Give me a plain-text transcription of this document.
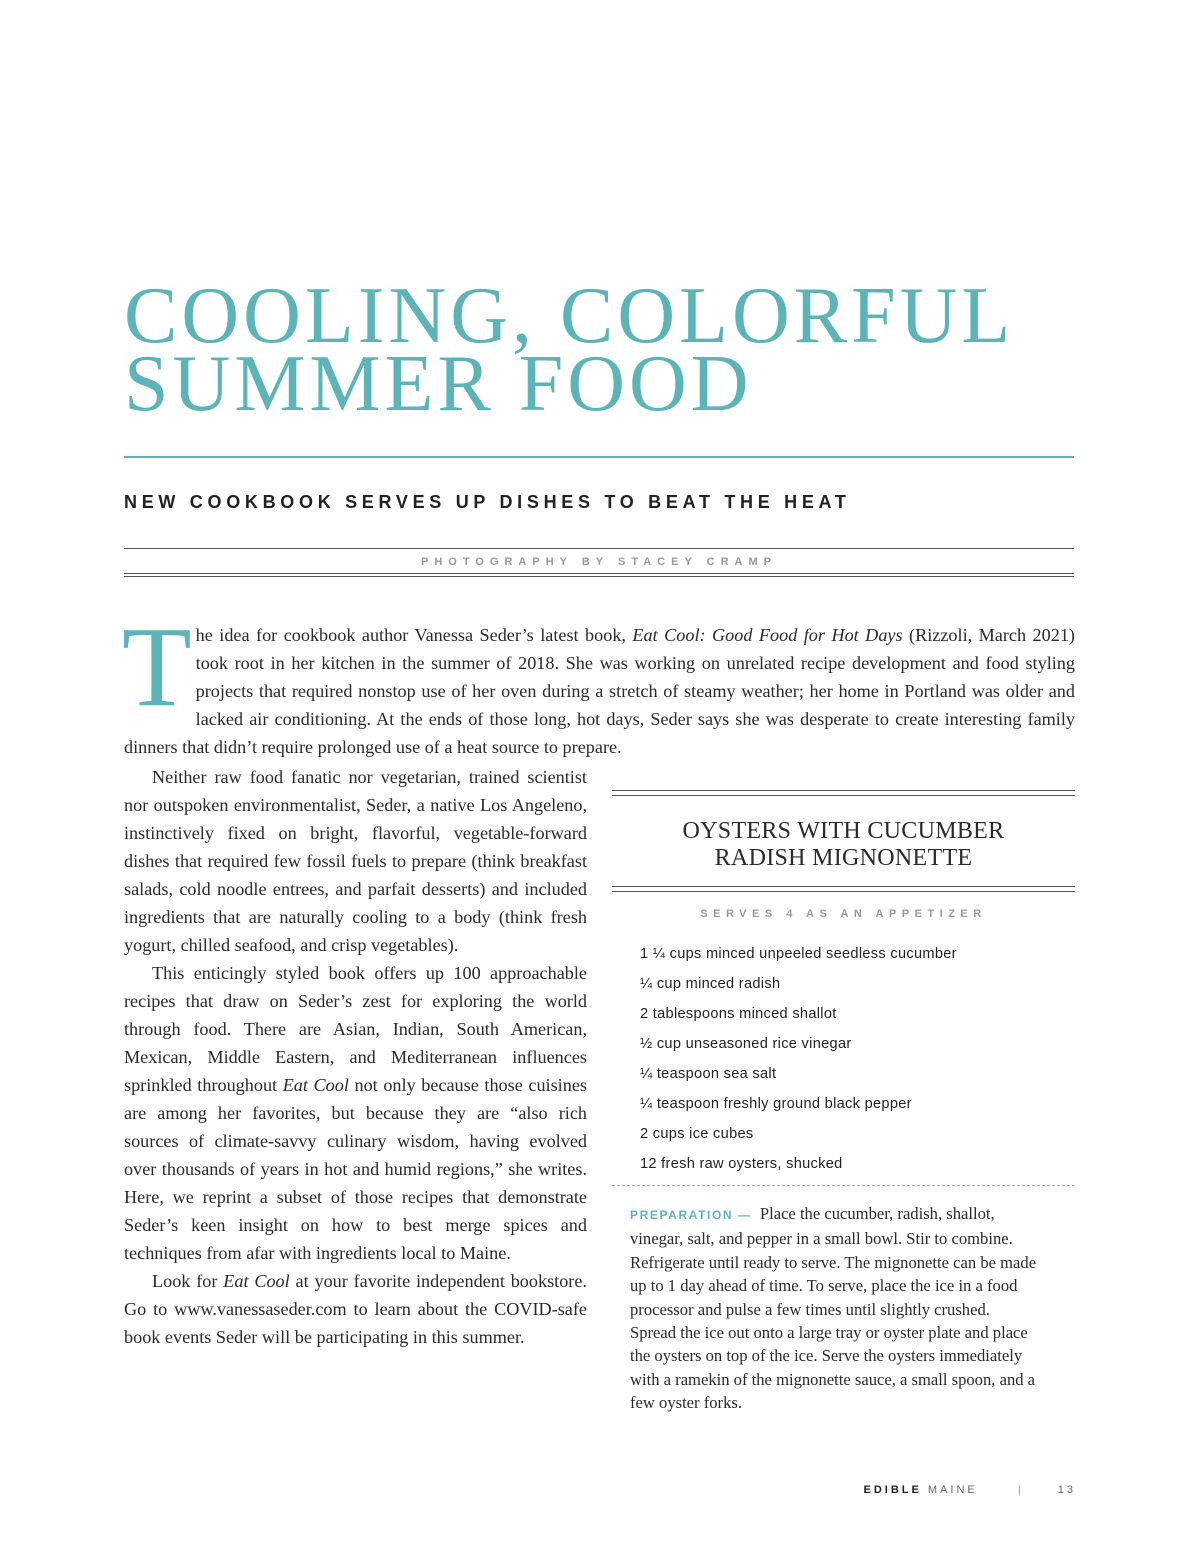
COOLING, COLORFUL
SUMMER FOOD
NEW COOKBOOK SERVES UP DISHES TO BEAT THE HEAT
PHOTOGRAPHY BY STACEY CRAMP

The idea for cookbook author Vanessa Seder’s latest book, Eat Cool: Good Food for Hot Days (Rizzoli, March 2021) took root in her kitchen in the summer of 2018. She was working on unrelated recipe development and food styling projects that required nonstop use of her oven during a stretch of steamy weather; her home in Portland was older and lacked air conditioning. At the ends of those long, hot days, Seder says she was desperate to create interesting family dinners that didn’t require prolonged use of a heat source to prepare.

Neither raw food fanatic nor vegetarian, trained scientist nor outspoken environmentalist, Seder, a native Los Angeleno, instinctively fixed on bright, flavorful, vegetable-forward dishes that required few fossil fuels to prepare (think breakfast salads, cold noodle entrees, and parfait desserts) and included ingredients that are naturally cooling to a body (think fresh yogurt, chilled seafood, and crisp vegetables).

This enticingly styled book offers up 100 approachable recipes that draw on Seder’s zest for exploring the world through food. There are Asian, Indian, South American, Mexican, Middle Eastern, and Mediterranean influences sprinkled throughout Eat Cool not only because those cuisines are among her favorites, but because they are “also rich sources of climate-savvy culinary wisdom, having evolved over thousands of years in hot and humid regions,” she writes. Here, we reprint a subset of those recipes that demonstrate Seder’s keen insight on how to best merge spices and techniques from afar with ingredients local to Maine.

Look for Eat Cool at your favorite independent bookstore. Go to www.vanessaseder.com to learn about the COVID-safe book events Seder will be participating in this summer.

OYSTERS WITH CUCUMBER
RADISH MIGNONETTE
SERVES 4 AS AN APPETIZER
1 ¼ cups minced unpeeled seedless cucumber
¼ cup minced radish
2 tablespoons minced shallot
½ cup unseasoned rice vinegar
¼ teaspoon sea salt
¼ teaspoon freshly ground black pepper
2 cups ice cubes
12 fresh raw oysters, shucked

PREPARATION — Place the cucumber, radish, shallot, vinegar, salt, and pepper in a small bowl. Stir to combine. Refrigerate until ready to serve. The mignonette can be made up to 1 day ahead of time. To serve, place the ice in a food processor and pulse a few times until slightly crushed. Spread the ice out onto a large tray or oyster plate and place the oysters on top of the ice. Serve the oysters immediately with a ramekin of the mignonette sauce, a small spoon, and a few oyster forks.

EDIBLE MAINE	|	13
